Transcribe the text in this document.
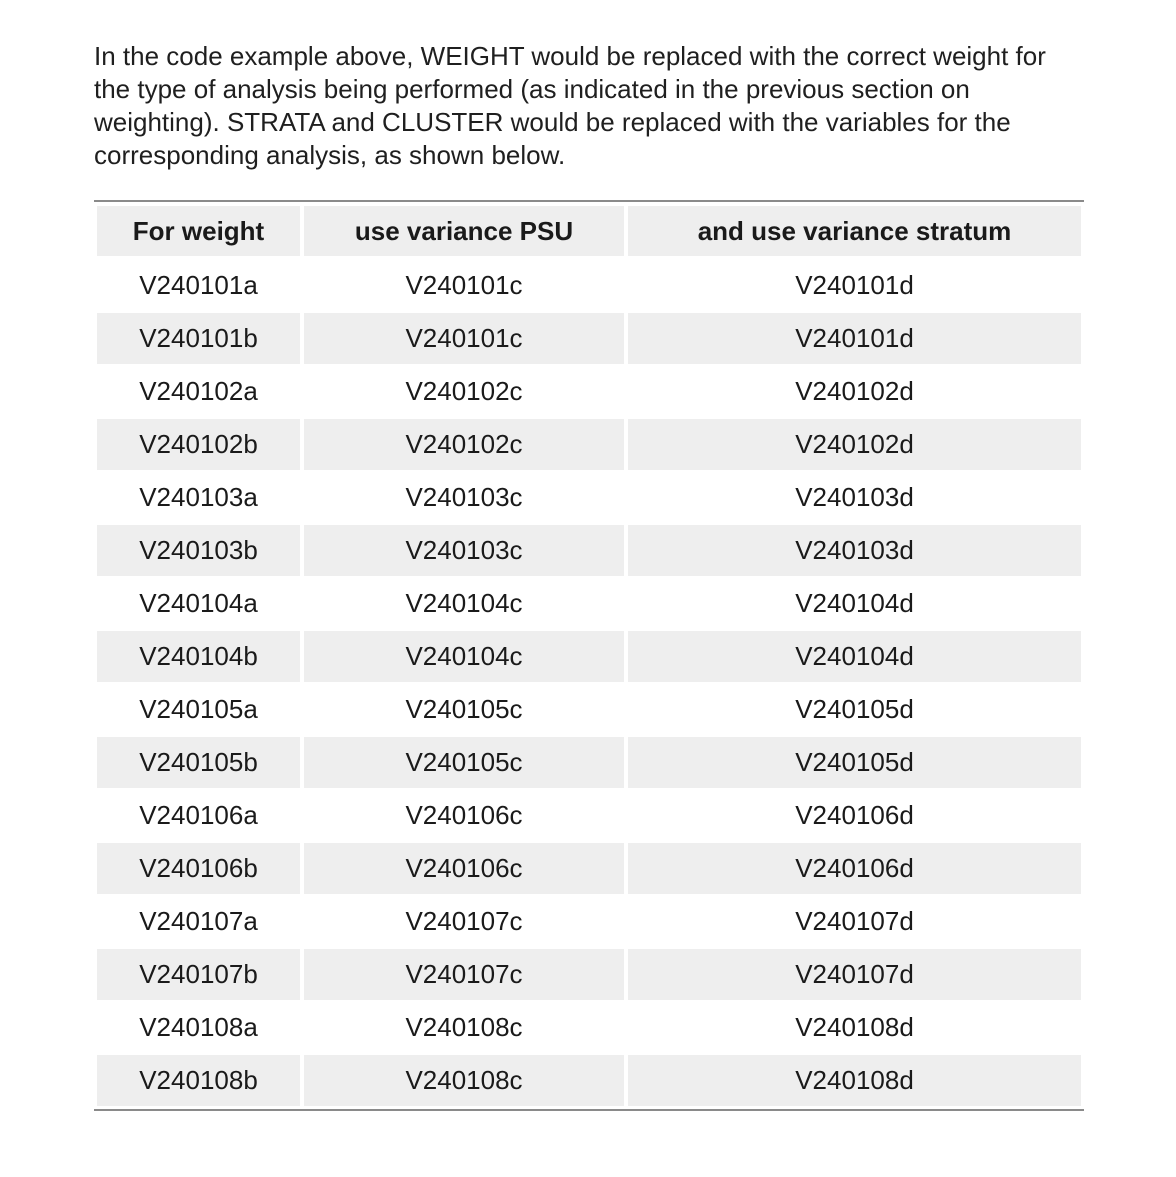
In the code example above, WEIGHT would be replaced with the correct weight for the type of analysis being performed (as indicated in the previous section on weighting). STRATA and CLUSTER would be replaced with the variables for the corresponding analysis, as shown below.

For weight	use variance PSU	and use variance stratum
V240101a	V240101c	V240101d
V240101b	V240101c	V240101d
V240102a	V240102c	V240102d
V240102b	V240102c	V240102d
V240103a	V240103c	V240103d
V240103b	V240103c	V240103d
V240104a	V240104c	V240104d
V240104b	V240104c	V240104d
V240105a	V240105c	V240105d
V240105b	V240105c	V240105d
V240106a	V240106c	V240106d
V240106b	V240106c	V240106d
V240107a	V240107c	V240107d
V240107b	V240107c	V240107d
V240108a	V240108c	V240108d
V240108b	V240108c	V240108d
